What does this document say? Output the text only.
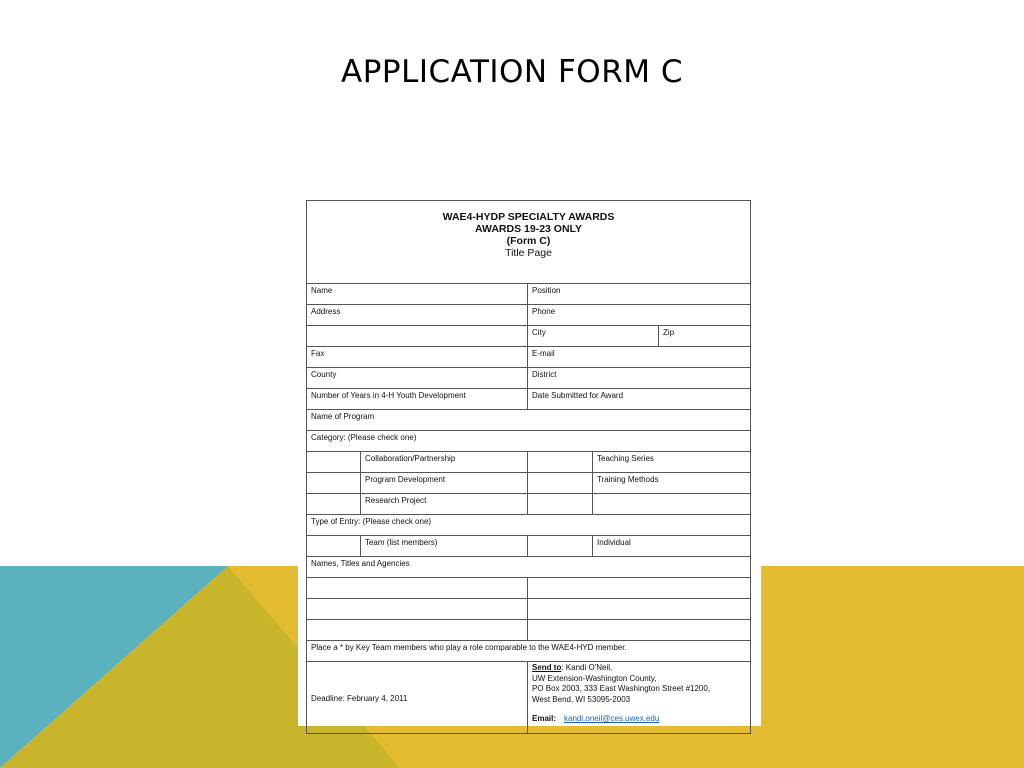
APPLICATION FORM C
WAE4-HYDP SPECIALTY AWARDS
AWARDS 19-23 ONLY
(Form C)
Title Page				

Name		Position		
Address		Phone		
		City		Zip
Fax		E-mail		
County		District		
Number of Years in 4-H Youth Development		Date Submitted for Award		
Name of Program				
Category: (Please check one)				
	Collaboration/Partnership		Teaching Series	
	Program Development		Training Methods	
	Research Project			
Type of Entry: (Please check one)				
	Team (list members)		Individual	
Names, Titles and Agencies				

Place a * by Key Team members who play a role comparable to the WAE4-HYD member.				
Deadline: February 4, 2011		Send to: Kandi O'Neil,
UW Extension-Washington County,
PO Box 2003, 333 East Washington Street #1200,
West Bend, WI 53095-2003
Email: kandi.oneil@ces.uwex.edu		
